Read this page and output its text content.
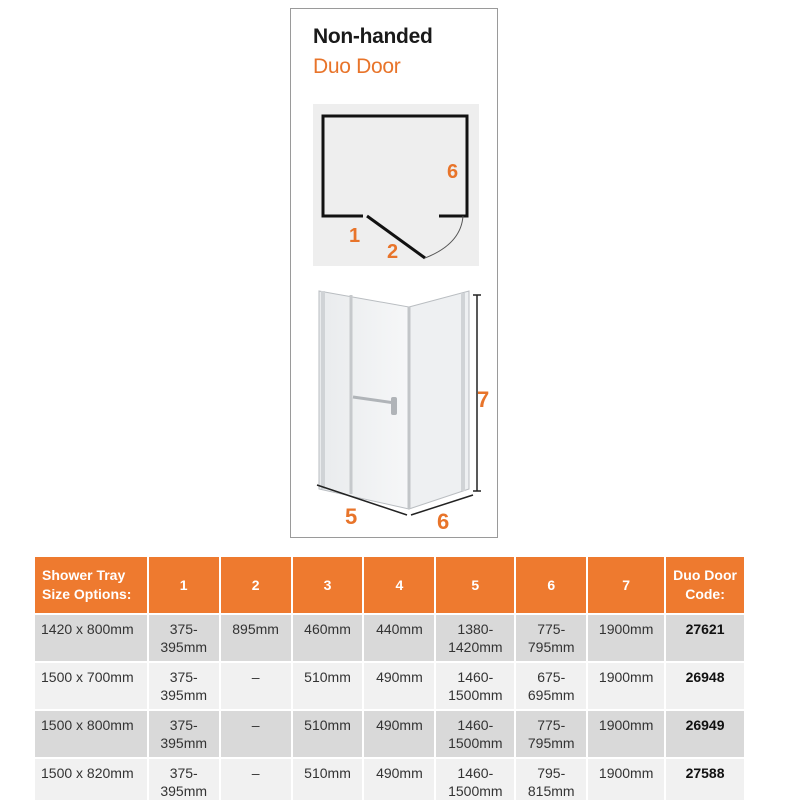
Non-handed
Duo Door
6
1
2
7
5	6
Shower Tray Size Options:	1	2	3	4	5	6	7	Duo Door Code:
1420 x 800mm	375-395mm	895mm	460mm	440mm	1380-1420mm	775-795mm	1900mm	27621
1500 x 700mm	375-395mm	–	510mm	490mm	1460-1500mm	675-695mm	1900mm	26948
1500 x 800mm	375-395mm	–	510mm	490mm	1460-1500mm	775-795mm	1900mm	26949
1500 x 820mm	375-395mm	–	510mm	490mm	1460-1500mm	795-815mm	1900mm	27588
